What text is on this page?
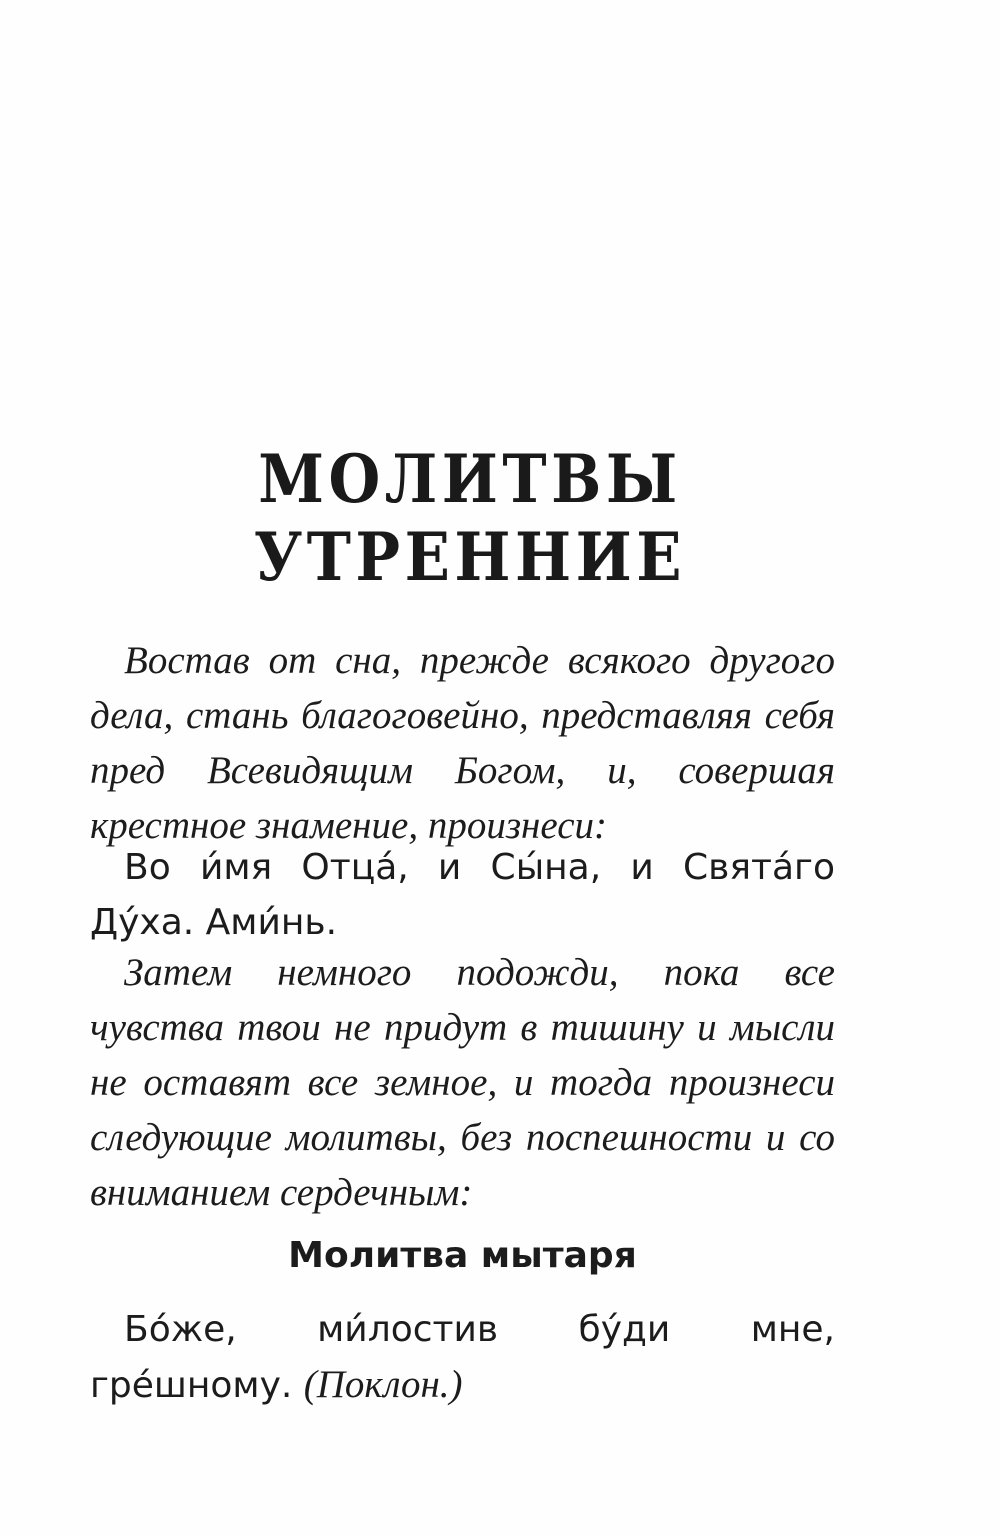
МОЛИТВЫ УТРЕННИЕ

Востав от сна, прежде всякого другого дела, стань благоговейно, представляя себя пред Всевидящим Богом, и, совершая крестное знамение, произнеси:

Во и́мя Отца́, и Сы́на, и Свята́го Ду́ха. Ами́нь.

Затем немного подожди, пока все чувства твои не придут в тишину и мысли не оставят все земное, и тогда произнеси следующие молитвы, без поспешности и со вниманием сердечным:

Молитва мытаря

Бо́же, ми́лостив бу́ди мне, гре́шному. (Поклон.)
